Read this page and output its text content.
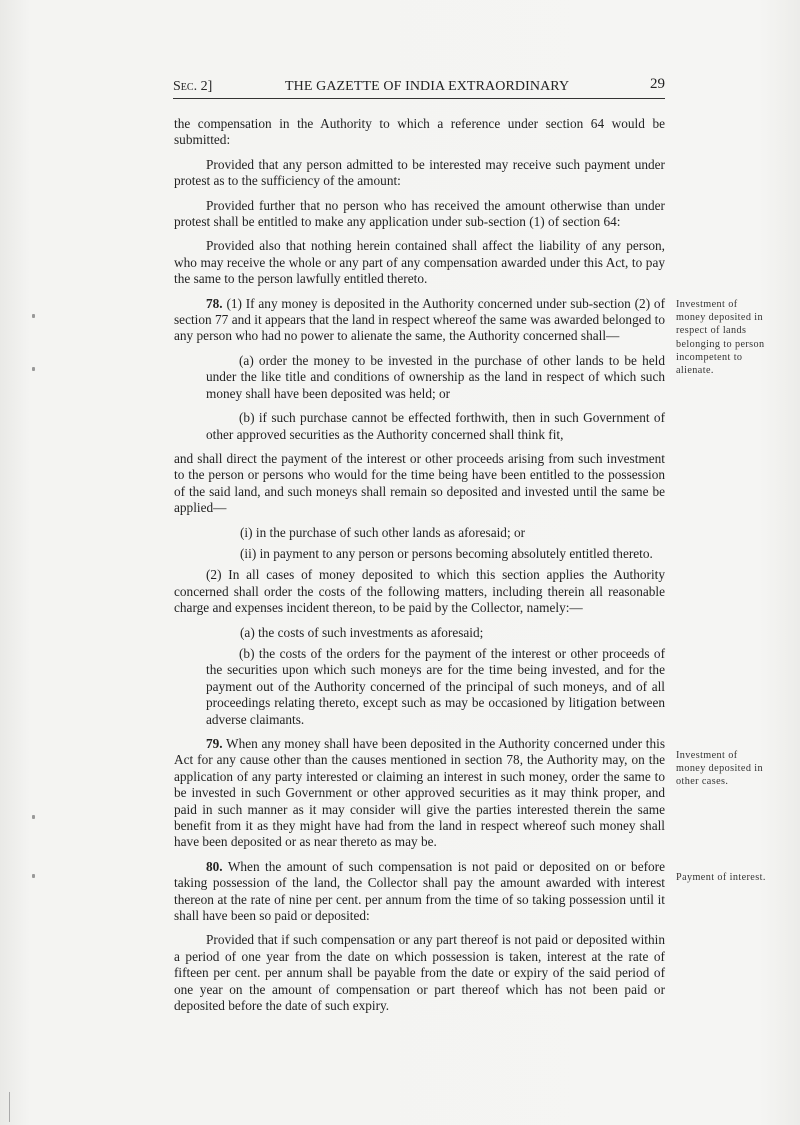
Sec. 2]	THE GAZETTE OF INDIA EXTRAORDINARY	29

the compensation in the Authority to which a reference under section 64 would be submitted:

Provided that any person admitted to be interested may receive such payment under protest as to the sufficiency of the amount:

Provided further that no person who has received the amount otherwise than under protest shall be entitled to make any application under sub-section (1) of section 64:

Provided also that nothing herein contained shall affect the liability of any person, who may receive the whole or any part of any compensation awarded under this Act, to pay the same to the person lawfully entitled thereto.

78. (1) If any money is deposited in the Authority concerned under sub-section (2) of section 77 and it appears that the land in respect whereof the same was awarded belonged to any person who had no power to alienate the same, the Authority concerned shall—

(a) order the money to be invested in the purchase of other lands to be held under the like title and conditions of ownership as the land in respect of which such money shall have been deposited was held; or

(b) if such purchase cannot be effected forthwith, then in such Government of other approved securities as the Authority concerned shall think fit,

and shall direct the payment of the interest or other proceeds arising from such investment to the person or persons who would for the time being have been entitled to the possession of the said land, and such moneys shall remain so deposited and invested until the same be applied—

(i) in the purchase of such other lands as aforesaid; or

(ii) in payment to any person or persons becoming absolutely entitled thereto.

(2) In all cases of money deposited to which this section applies the Authority concerned shall order the costs of the following matters, including therein all reasonable charge and expenses incident thereon, to be paid by the Collector, namely:—

(a) the costs of such investments as aforesaid;

(b) the costs of the orders for the payment of the interest or other proceeds of the securities upon which such moneys are for the time being invested, and for the payment out of the Authority concerned of the principal of such moneys, and of all proceedings relating thereto, except such as may be occasioned by litigation between adverse claimants.

79. When any money shall have been deposited in the Authority concerned under this Act for any cause other than the causes mentioned in section 78, the Authority may, on the application of any party interested or claiming an interest in such money, order the same to be invested in such Government or other approved securities as it may think proper, and paid in such manner as it may consider will give the parties interested therein the same benefit from it as they might have had from the land in respect whereof such money shall have been deposited or as near thereto as may be.

80. When the amount of such compensation is not paid or deposited on or before taking possession of the land, the Collector shall pay the amount awarded with interest thereon at the rate of nine per cent. per annum from the time of so taking possession until it shall have been so paid or deposited:

Provided that if such compensation or any part thereof is not paid or deposited within a period of one year from the date on which possession is taken, interest at the rate of fifteen per cent. per annum shall be payable from the date or expiry of the said period of one year on the amount of compensation or part thereof which has not been paid or deposited before the date of such expiry.

Investment of money deposited in respect of lands belonging to person incompetent to alienate.
Investment of money deposited in other cases.
Payment of interest.
